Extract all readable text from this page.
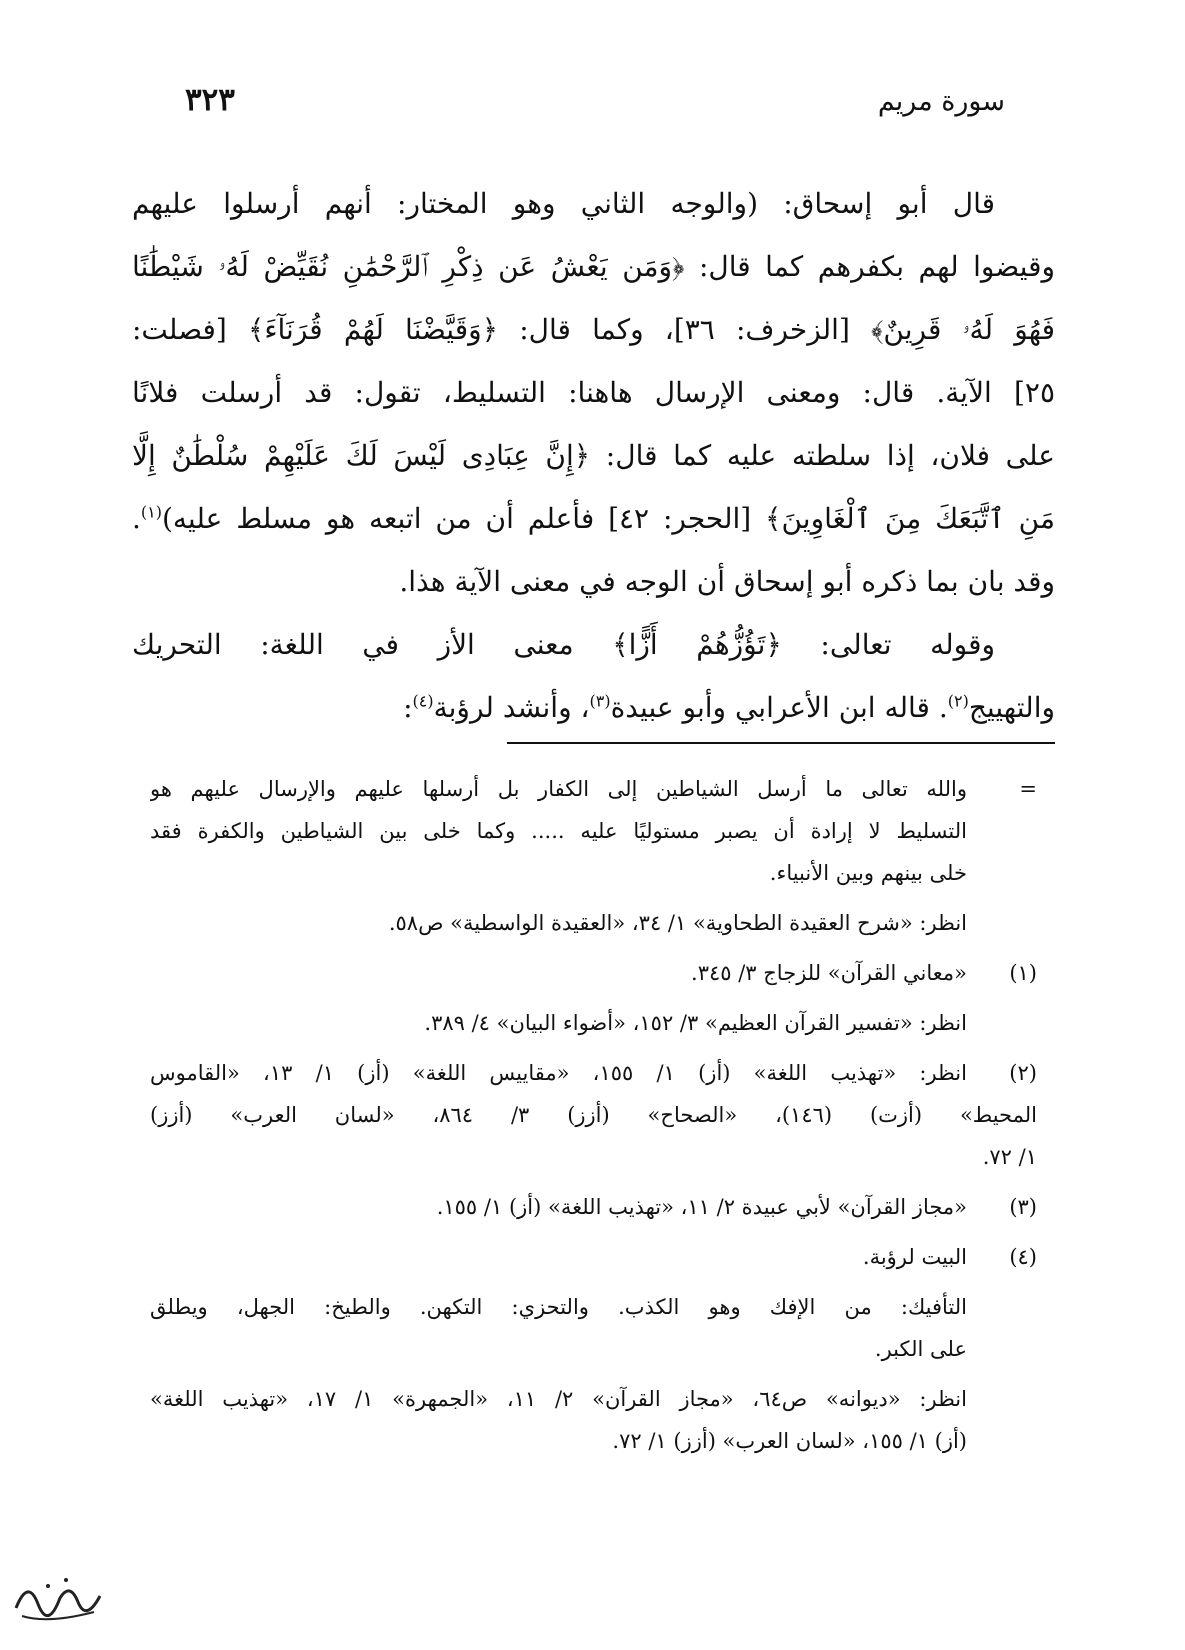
سورة مريم
٣٢٣
قال أبو إسحاق: (والوجه الثاني وهو المختار: أنهم أرسلوا عليهم
وقيضوا لهم بكفرهم كما قال: ﴿وَمَن يَعْشُ عَن ذِكْرِ ٱلرَّحْمَٰنِ نُقَيِّضْ لَهُۥ شَيْطَٰنًا
فَهُوَ لَهُۥ قَرِينٌ﴾ [الزخرف: ٣٦]، وكما قال: ﴿وَقَيَّضْنَا لَهُمْ قُرَنَآءَ﴾ [فصلت:
٢٥] الآية. قال: ومعنى الإرسال هاهنا: التسليط، تقول: قد أرسلت فلانًا
على فلان، إذا سلطته عليه كما قال: ﴿إِنَّ عِبَادِى لَيْسَ لَكَ عَلَيْهِمْ سُلْطَٰنٌ إِلَّا
مَنِ ٱتَّبَعَكَ مِنَ ٱلْغَاوِينَ﴾ [الحجر: ٤٢] فأعلم أن من اتبعه هو مسلط عليه)$^{(١)}$.
وقد بان بما ذكره أبو إسحاق أن الوجه في معنى الآية هذا.
وقوله تعالى: ﴿تَؤُزُّهُمْ أَزًّا﴾ معنى الأز في اللغة: التحريك
والتهييج$^{(٢)}$. قاله ابن الأعرابي وأبو عبيدة$^{(٣)}$، وأنشد لرؤبة$^{(٤)}$:
=والله تعالى ما أرسل الشياطين إلى الكفار بل أرسلها عليهم والإرسال عليهم هو
التسليط لا إرادة أن يصبر مستوليًا عليه ..... وكما خلى بين الشياطين والكفرة فقد
خلى بينهم وبين الأنبياء.
انظر: «شرح العقيدة الطحاوية» ١/ ٣٤، «العقيدة الواسطية» ص٥٨.
(١)«معاني القرآن» للزجاج ٣/ ٣٤٥.
انظر: «تفسير القرآن العظيم» ٣/ ١٥٢، «أضواء البيان» ٤/ ٣٨٩.
(٢)انظر: «تهذيب اللغة» (أز) ١/ ١٥٥، «مقاييس اللغة» (أز) ١/ ١٣، «القاموس
المحيط» (أزت) (١٤٦)، «الصحاح» (أزز) ٣/ ٨٦٤، «لسان العرب» (أزز)
١/ ٧٢.
(٣)«مجاز القرآن» لأبي عبيدة ٢/ ١١، «تهذيب اللغة» (أز) ١/ ١٥٥.
(٤)البيت لرؤبة.
التأفيك: من الإفك وهو الكذب. والتحزي: التكهن. والطيخ: الجهل، ويطلق
على الكبر.
انظر: «ديوانه» ص٦٤، «مجاز القرآن» ٢/ ١١، «الجمهرة» ١/ ١٧، «تهذيب اللغة»
(أز) ١/ ١٥٥، «لسان العرب» (أزز) ١/ ٧٢.
